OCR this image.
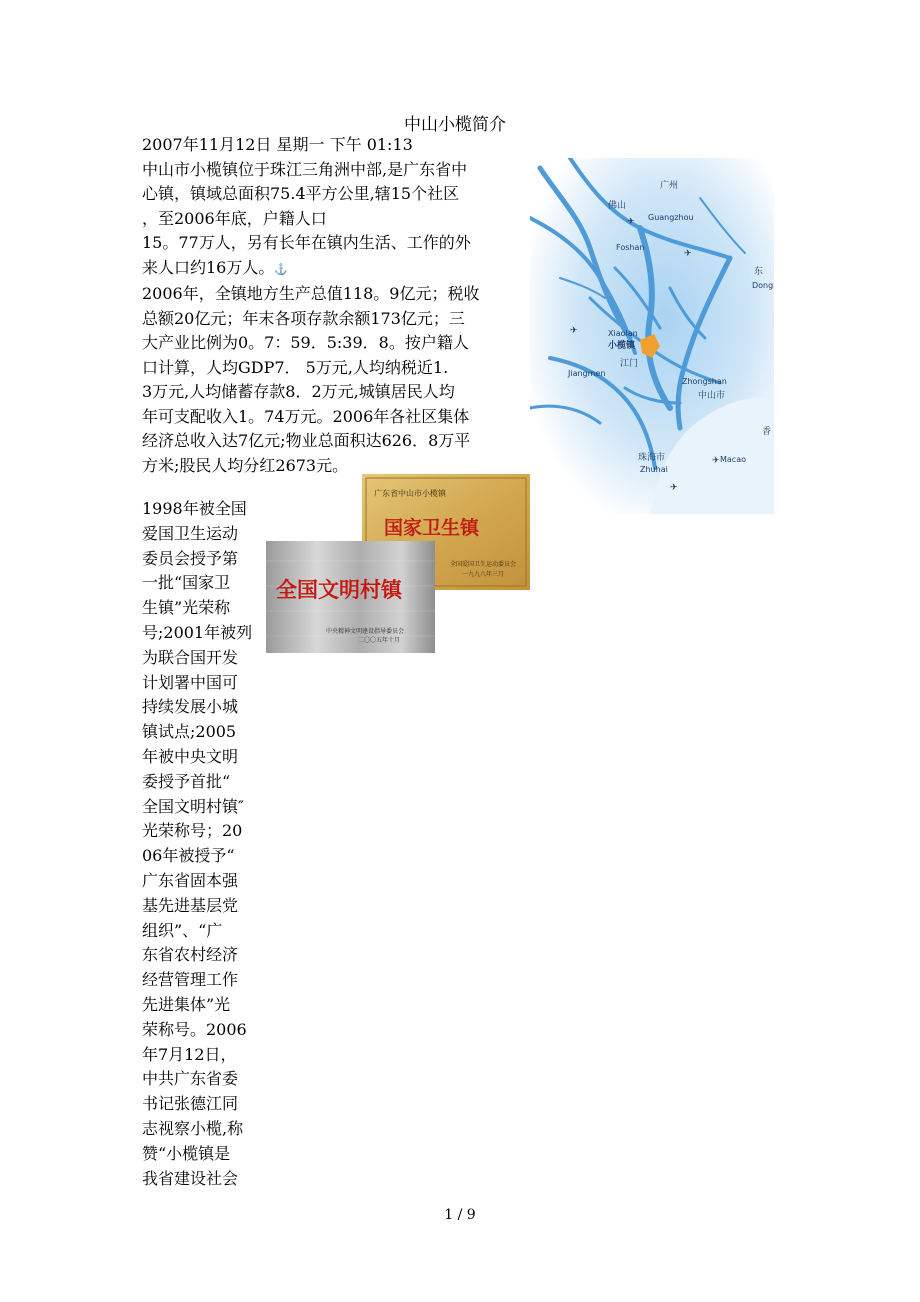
中山小榄简介
2007年11月12日 星期一 下午 01:13
中山市小榄镇位于珠江三角洲中部,是广东省中
心镇，镇域总面积75.4平方公里,辖15个社区
，至2006年底，户籍人口
15。77万人，另有长年在镇内生活、工作的外
来人口约16万人。⚓
2006年，全镇地方生产总值118。9亿元；税收
总额20亿元；年末各项存款余额173亿元；三
大产业比例为0。7：59．5:39．8。按户籍人
口计算，人均GDP7． 5万元,人均纳税近1.
3万元,人均储蓄存款8．2万元,城镇居民人均
年可支配收入1。74万元。2006年各社区集体
经济总收入达7亿元;物业总面积达626．8万平
方米;股民人均分红2673元。
1998年被全国
爱国卫生运动
委员会授予第
一批“国家卫
生镇”光荣称
号;2001年被列
为联合国开发
计划署中国可
持续发展小城
镇试点;2005
年被中央文明
委授予首批“
全国文明村镇″
光荣称号；20
06年被授予“
广东省固本强
基先进基层党
组织”、“广
东省农村经济
经营管理工作
先进集体”光
荣称号。2006
年7月12日，
中共广东省委
书记张德江同
志视察小榄,称
赞“小榄镇是
我省建设社会
✈
✈
✈
✈
✈
广州
Guangzhou
佛山
Foshan
东
Dong
Xiaolan
小榄镇
江门
Jiangmen
Zhongshan
中山市
珠海市
Zhuhai
Macao
香
广东省中山市小榄镇
国家卫生镇
全国爱国卫生运动委员会
一九九八年三月
全国文明村镇
中央精神文明建设指导委员会
二〇〇五年十月
1 / 9
